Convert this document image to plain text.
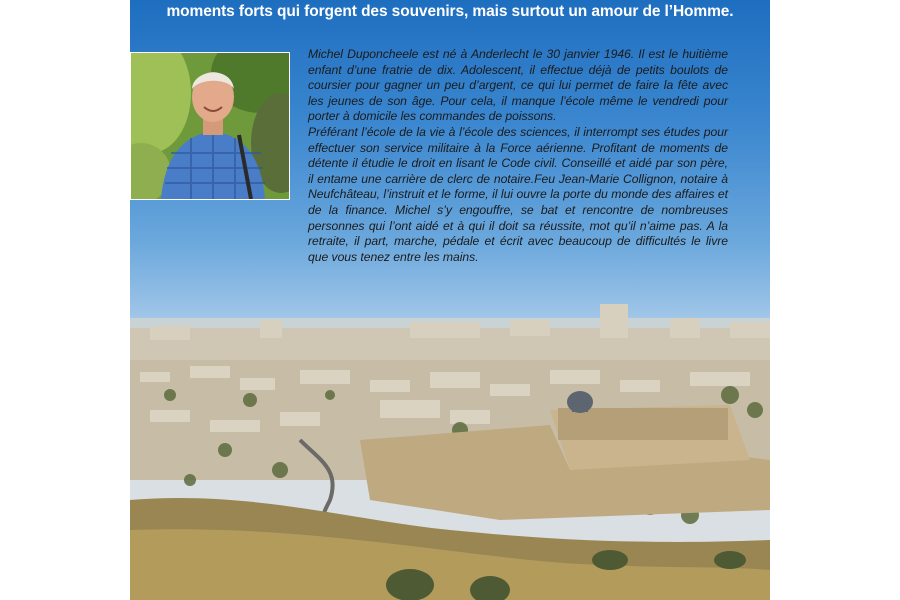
moments forts qui forgent des souvenirs, mais surtout un amour de l’Homme.

Michel Duponcheele est né à Anderlecht le 30 janvier 1946. Il est le huitième enfant d’une fratrie de dix. Adolescent, il effectue déjà de petits boulots de coursier pour gagner un peu d’argent, ce qui lui permet de faire la fête avec les jeunes de son âge. Pour cela, il manque l’école même le vendredi pour porter à domicile les commandes de poissons.

Préférant l’école de la vie à l’école des sciences, il interrompt ses études pour effectuer son service militaire à la Force aérienne. Profitant de moments de détente il étudie le droit en lisant le Code civil. Conseillé et aidé par son père, il entame une carrière de clerc de notaire.Feu Jean-Marie Collignon, notaire à Neufchâteau, l’instruit et le forme, il lui ouvre la porte du monde des affaires et de la finance. Michel s’y engouffre, se bat et rencontre de nombreuses personnes qui l’ont aidé et à qui il doit sa réussite, mot qu’il n’aime pas. A la retraite, il part, marche, pédale et écrit avec beaucoup de difficultés le livre que vous tenez entre les mains.
